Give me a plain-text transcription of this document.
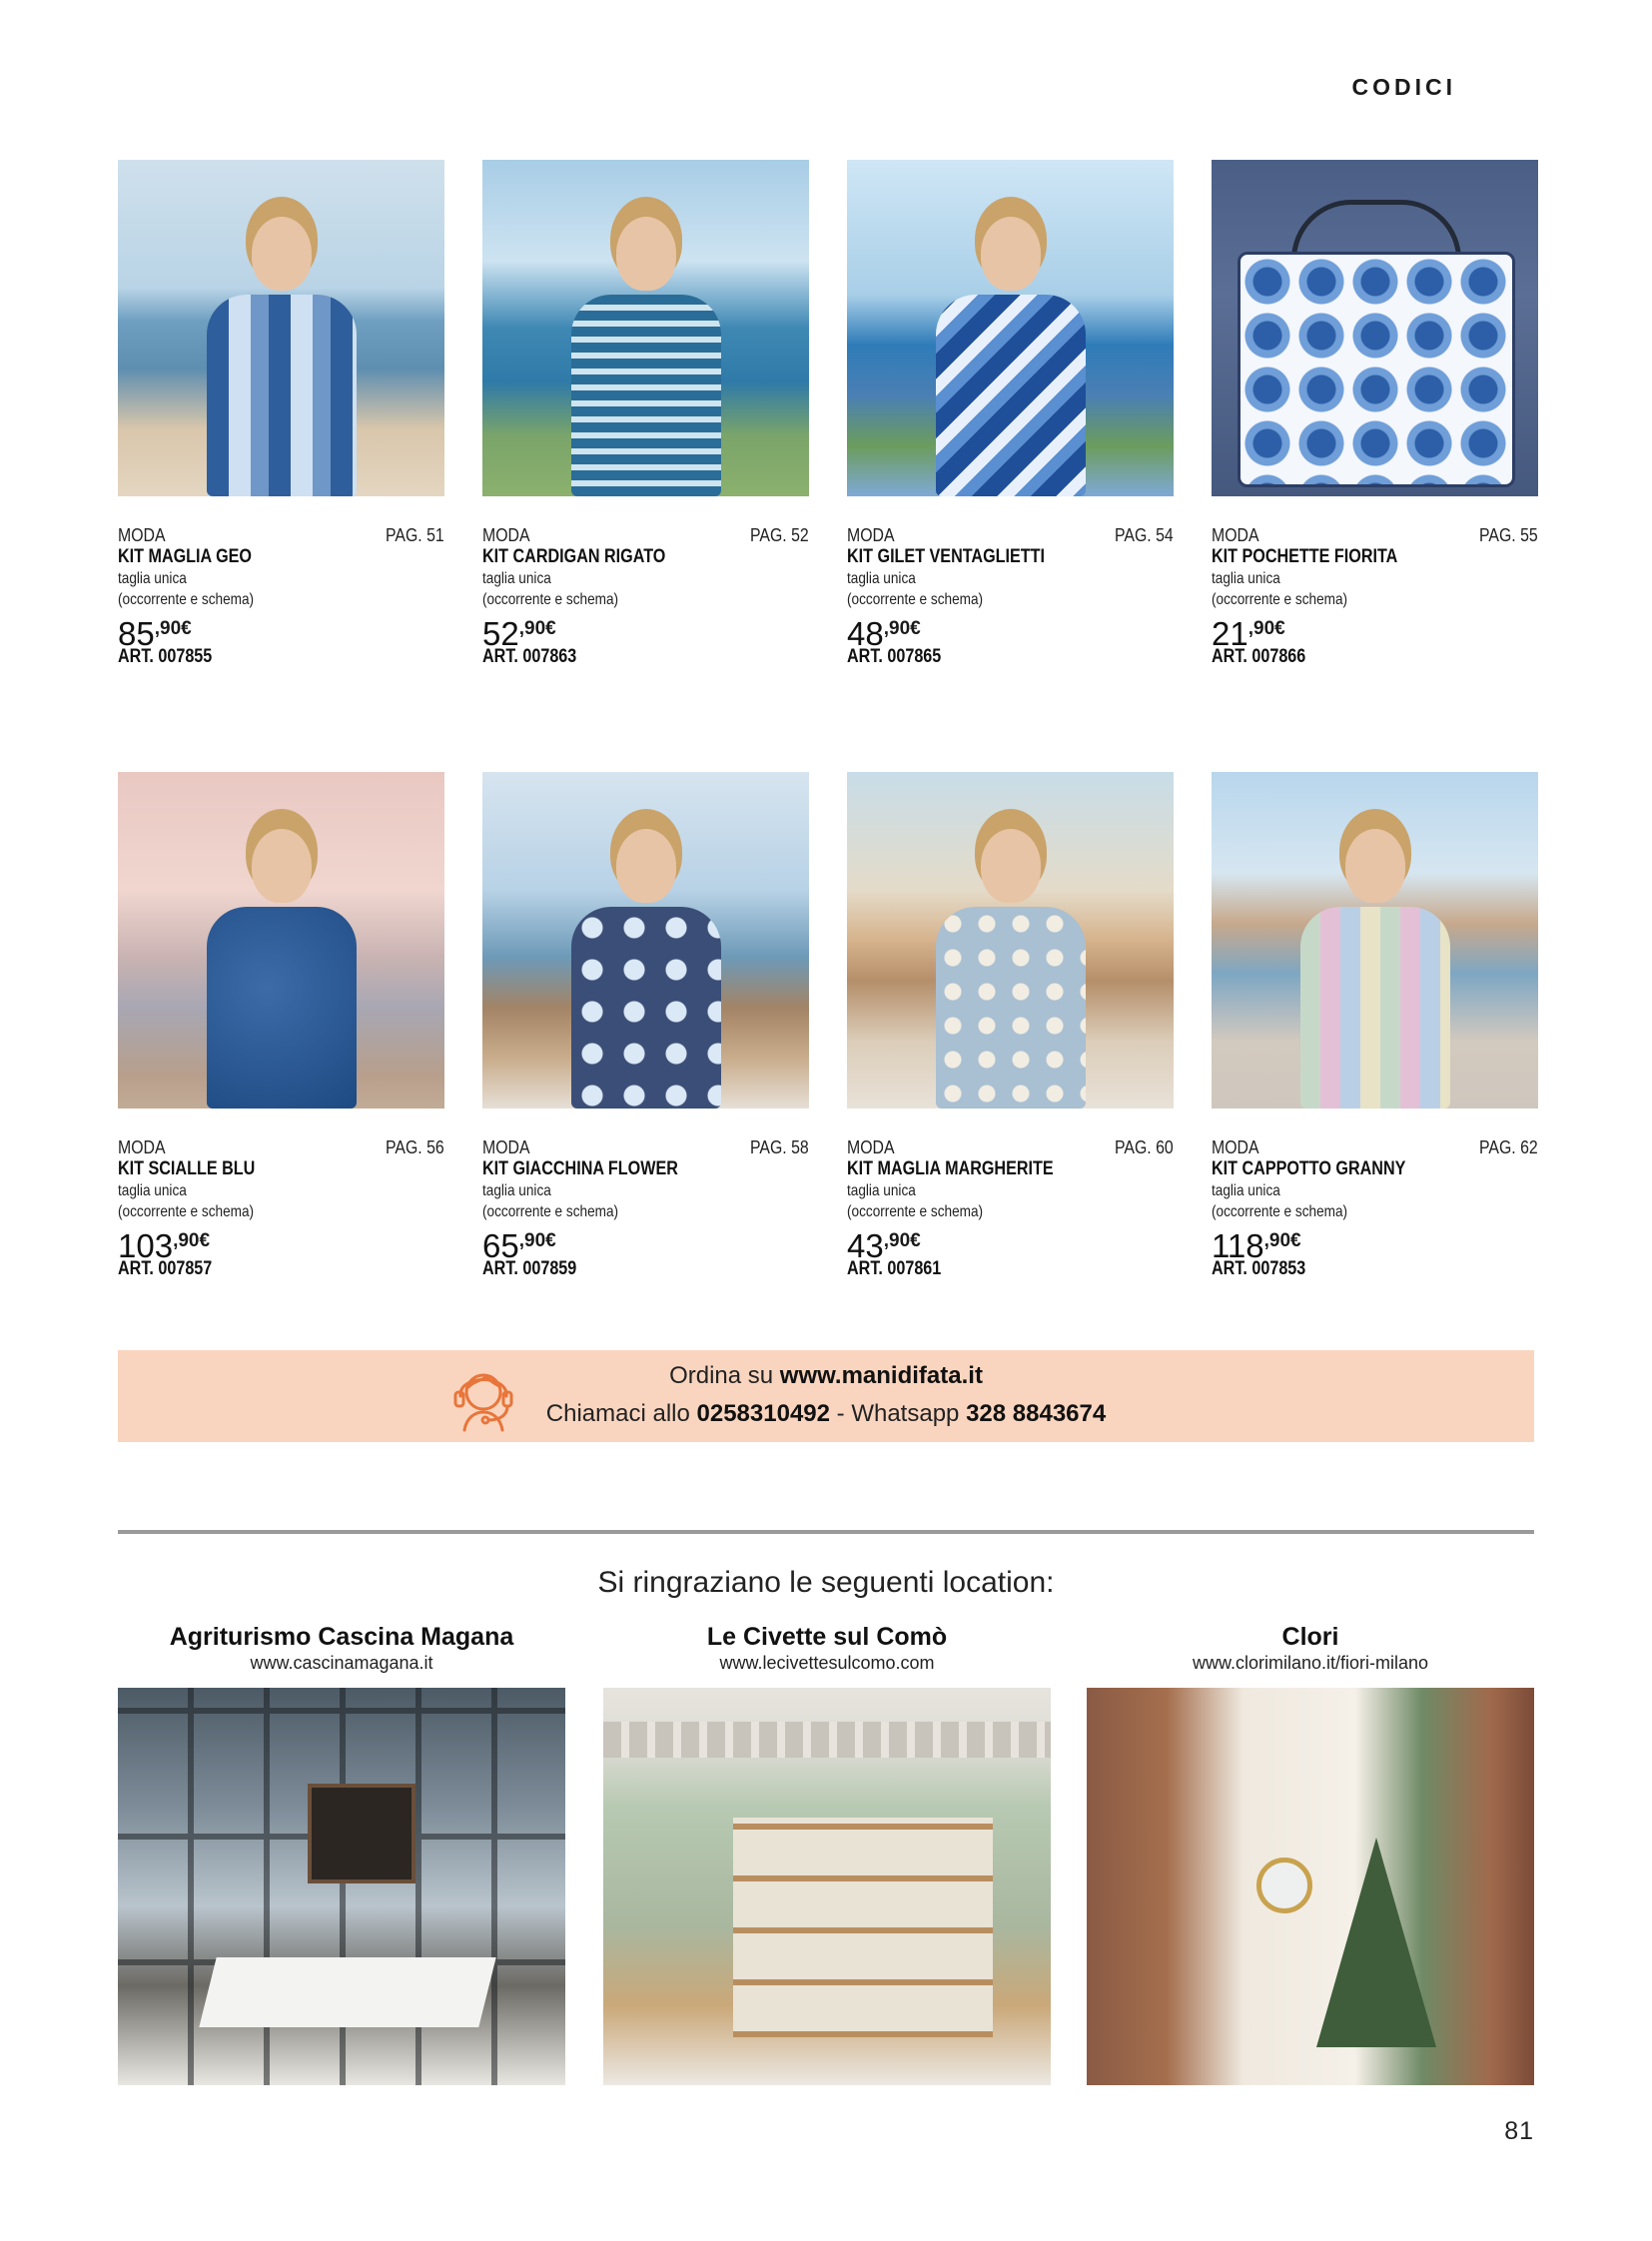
CODICI
MODA	PAG. 51
KIT MAGLIA GEO
taglia unica
(occorrente e schema)
85,90€
ART. 007855
MODA	PAG. 52
KIT CARDIGAN RIGATO
taglia unica
(occorrente e schema)
52,90€
ART. 007863
MODA	PAG. 54
KIT GILET VENTAGLIETTI
taglia unica
(occorrente e schema)
48,90€
ART. 007865
MODA	PAG. 55
KIT POCHETTE FIORITA
taglia unica
(occorrente e schema)
21,90€
ART. 007866
MODA	PAG. 56
KIT SCIALLE BLU
taglia unica
(occorrente e schema)
103,90€
ART. 007857
MODA	PAG. 58
KIT GIACCHINA FLOWER
taglia unica
(occorrente e schema)
65,90€
ART. 007859
MODA	PAG. 60
KIT MAGLIA MARGHERITE
taglia unica
(occorrente e schema)
43,90€
ART. 007861
MODA	PAG. 62
KIT CAPPOTTO GRANNY
taglia unica
(occorrente e schema)
118,90€
ART. 007853
Ordina su www.manidifata.it
Chiamaci allo 0258310492 - Whatsapp 328 8843674
Si ringraziano le seguenti location:
Agriturismo Cascina Magana
www.cascinamagana.it
Le Civette sul Comò
www.lecivettesulcomo.com
Clori
www.clorimilano.it/fiori-milano
81
